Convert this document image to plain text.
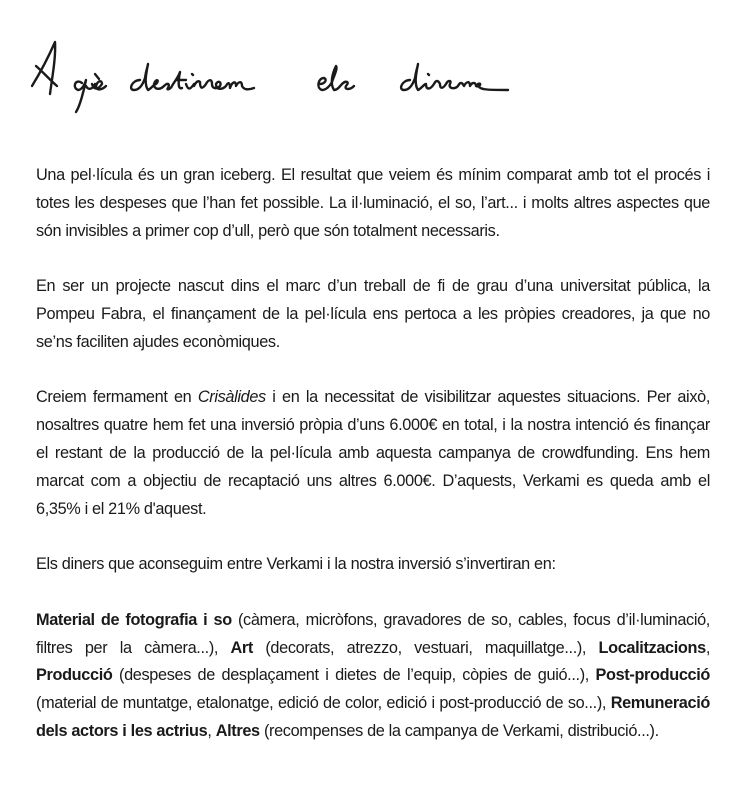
Una pel·lícula és un gran iceberg. El resultat que veiem és mínim comparat amb tot el procés i totes les despeses que l’han fet possible. La il·luminació, el so, l’art... i molts altres aspectes que són invisibles a primer cop d’ull, però que són totalment necessaris.

En ser un projecte nascut dins el marc d’un treball de fi de grau d’una universitat pública, la Pompeu Fabra, el finançament de la pel·lícula ens pertoca a les pròpies creadores, ja que no se’ns faciliten ajudes econòmiques.

Creiem fermament en Crisàlides i en la necessitat de visibilitzar aquestes situacions. Per això, nosaltres quatre hem fet una inversió pròpia d’uns 6.000€ en total, i la nostra intenció és finançar el restant de la producció de la pel·lícula amb aquesta campanya de crowdfunding. Ens hem marcat com a objectiu de recaptació uns altres 6.000€. D’aquests, Verkami es queda amb el 6,35% i el 21% d'aquest.

Els diners que aconseguim entre Verkami i la nostra inversió s’invertiran en:

Material de fotografia i so (càmera, micròfons, gravadores de so, cables, focus d’il·luminació, filtres per la càmera...), Art (decorats, atrezzo, vestuari, maquillatge...), Localitzacions, Producció (despeses de desplaçament i dietes de l’equip, còpies de guió...), Post-producció (material de muntatge, etalonatge, edició de color, edició i post-producció de so...), Remuneració dels actors i les actrius, Altres (recompenses de la campanya de Verkami, distribució...).
